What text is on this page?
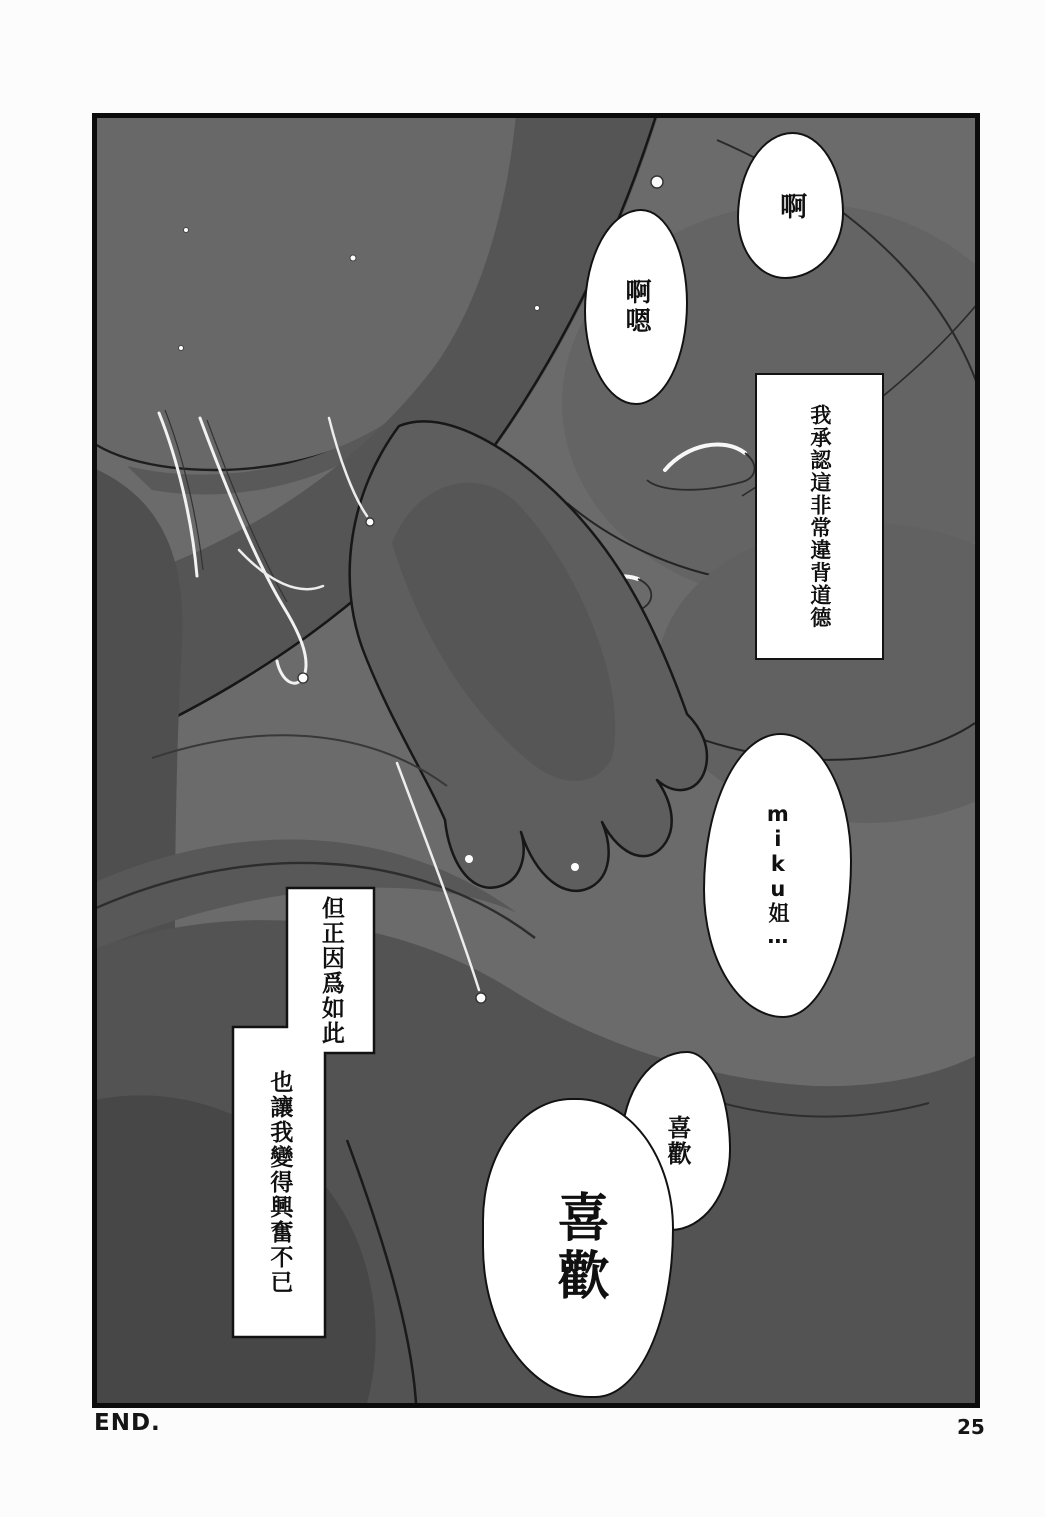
啊
啊嗯
我承認這非常違背道德
miku姐…
但正因爲如此
也讓我變得興奮不已	喜歡
喜歡
END.	25
